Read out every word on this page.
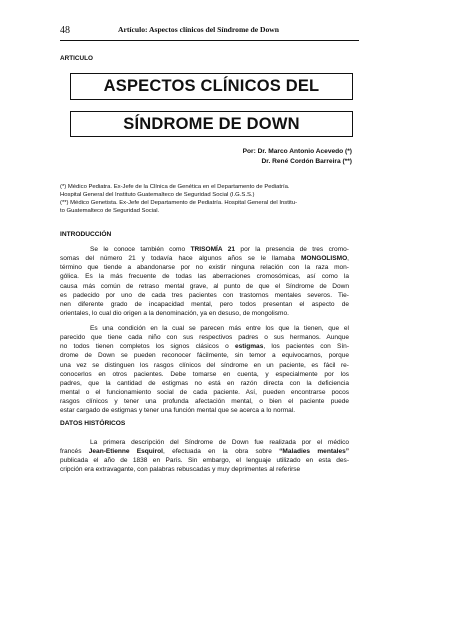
48	Artículo: Aspectos clínicos del Síndrome de Down
ARTICULO
ASPECTOS CLÍNICOS DEL
SÍNDROME DE DOWN
Por: Dr. Marco Antonio Acevedo (*)
Dr. René Cordón Barreira (**)
(*) Médico Pediatra. Ex-Jefe de la Clínica de Genética en el Departamento de Pediatría.
Hospital General del Instituto Guatemalteco de Seguridad Social (I.G.S.S.)
(**) Médico Genetista. Ex-Jefe del Departamento de Pediatría. Hospital General del Institu-
to Guatemalteco de Seguridad Social.
INTRODUCCIÓN
Se le conoce también como TRISOMÍA 21 por la presencia de tres cromo-
somas del número 21 y todavía hace algunos años se le llamaba MONGOLISMO,
término que tiende a abandonarse por no existir ninguna relación con la raza mon-
gólica. Es la más frecuente de todas las aberraciones cromosómicas, así como la
causa más común de retraso mental grave, al punto de que el Síndrome de Down
es padecido por uno de cada tres pacientes con trastornos mentales severos. Tie-
nen diferente grado de incapacidad mental, pero todos presentan el aspecto de
orientales, lo cual dio origen a la denominación, ya en desuso, de mongolismo.
Es una condición en la cual se parecen más entre los que la tienen, que el
parecido que tiene cada niño con sus respectivos padres o sus hermanos. Aunque
no todos tienen completos los signos clásicos o estigmas, los pacientes con Sín-
drome de Down se pueden reconocer fácilmente, sin temor a equivocarnos, porque
una vez se distinguen los rasgos clínicos del síndrome en un paciente, es fácil re-
conocerlos en otros pacientes. Debe tomarse en cuenta, y especialmente por los
padres, que la cantidad de estigmas no está en razón directa con la deficiencia
mental o el funcionamiento social de cada paciente. Así, pueden encontrarse pocos
rasgos clínicos y tener una profunda afectación mental, o bien el paciente puede
estar cargado de estigmas y tener una función mental que se acerca a lo normal.
DATOS HISTÓRICOS
La primera descripción del Síndrome de Down fue realizada por el médico
francés Jean-Etienne Esquirol, efectuada en la obra sobre “Maladies mentales”
publicada el año de 1838 en París. Sin embargo, el lenguaje utilizado en esta des-
cripción era extravagante, con palabras rebuscadas y muy deprimentes al referirse
